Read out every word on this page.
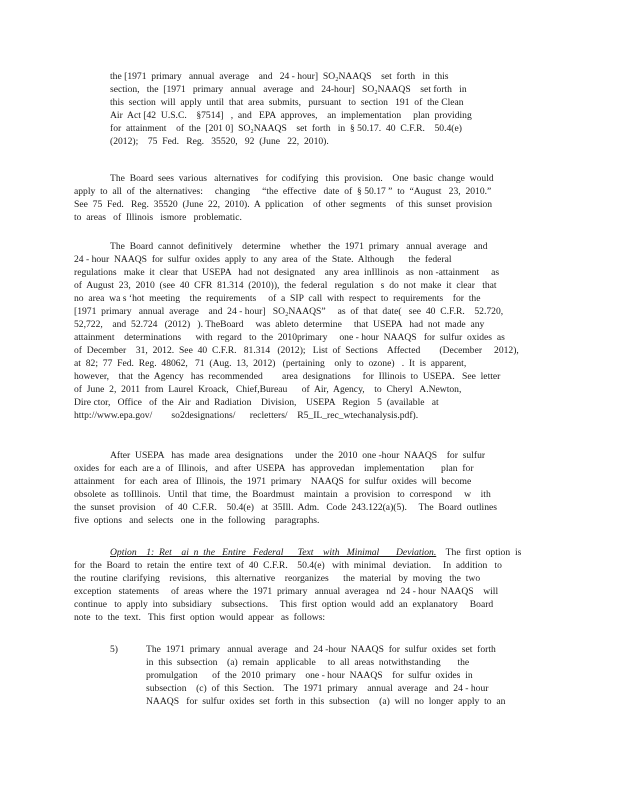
the [1971  primary   annual  average    and   24 - hour]  SO₂NAAQS    set  forth   in  this
section,   the  [1971   primary   annual   average   and   24-hour]   SO₂NAAQS    set forth   in
this  section  will  apply  until  that  area  submits,   pursuant   to  section   191  of  the Clean
Air  Act [42  U.S.C.    §7514]   ,  and   EPA  approves,    an  implementation     plan  providing
for  attainment    of  the  [201 0]  SO₂NAAQS    set  forth   in  § 50.17.  40  C.F.R.    50.4(e)
(2012);    75  Fed.   Reg.   35520,   92  (June   22,  2010).
The  Board  sees  various   alternatives   for  codifying   this  provision.    One  basic  change  would
apply  to  all  of  the  alternatives:     changing     “the  effective   date  of  § 50.17 ”  to  “August   23,  2010.”
See  75  Fed.   Reg.  35520  (June  22,  2010).  A  pplication    of  other  segments    of  this  sunset  provision
to  areas   of  Illinois   ismore   problematic.
The  Board  cannot  definitively    determine    whether   the  1971  primary   annual  average   and
24 - hour  NAAQS  for  sulfur  oxides  apply  to  any  area  of  the  State.  Although      the  federal
regulations   make  it  clear  that  USEPA   had  not  designated    any  area  inIllinois   as  non -attainment     as
of  August  23,  2010  (see  40  CFR  81.314  (2010)),  the  federal   regulation   s  do  not  make  it  clear   that
no  area  wa s ‘hot  meeting    the  requirements     of  a  SIP  call  with  respect  to  requirements    for  the
[1971  primary   annual  average    and  24 - hour]   SO₂NAAQS”     as  of  that  date(   see  40  C.F.R.    52.720,
52,722,    and  52.724   (2012)   ). TheBoard     was  ableto  determine     that  USEPA   had  not  made  any
attainment    determinations      with  regard   to  the  2010primary     one - hour  NAAQS   for  sulfur  oxides  as
of  December    31,  2012.  See  40  C.F.R.   81.314   (2012);   List  of  Sections    Affected        (December     2012),
at  82;  77  Fed.  Reg.  48062,   71  (Aug.  13,  2012)   (pertaining    only  to  ozone)   .  It  is  apparent,
however,    that  the  Agency   has  recommended        area  designations     for  Illinois  to  USEPA.   See  letter
of  June  2,  2011  from  Laurel  Kroack,   Chief,Bureau      of  Air,  Agency,    to  Cheryl   A.Newton,
Dire ctor,   Office   of  the  Air  and  Radiation    Division,    USEPA   Region   5  (available   at
http://www.epa.gov/        so2designations/      recletters/    R5_IL_rec_wtechanalysis.pdf).
After  USEPA   has  made  area  designations     under  the  2010  one -hour  NAAQS    for  sulfur
oxides  for  each  are a  of  Illinois,   and  after  USEPA   has  approvedan    implementation       plan  for
attainment    for  each  area  of  Illinois,  the  1971  primary    NAAQS  for  sulfur  oxides  will  become
obsolete  as  toIllinois.   Until  that  time,  the  Boardmust    maintain   a  provision   to  correspond     w    ith
the  sunset  provision    of  40  C.F.R.    50.4(e)   at  35Ill.  Adm.   Code  243.122(a)(5).     The  Board  outlines
five  options   and  selects   one  in  the  following    paragraphs.
Option    1:  Ret    ai  n  the   Entire   Federal      Text    with   Minimal       Deviation. The  first  option  is
for  the  Board  to  retain  the  entire  text  of  40  C.F.R.    50.4(e)   with  minimal   deviation.     In  addition   to
the  routine  clarifying    revisions,    this  alternative    reorganizes      the  material   by  moving   the  two
exception   statements     of  areas  where  the  1971  primary   annual  averagea   nd  24 - hour  NAAQS    will
continue   to  apply  into  subsidiary    subsections.     This  first  option  would  add  an  explanatory     Board
note  to  the  text.   This  first  option  would  appear   as  follows:
5)	The  1971  primary   annual  average   and  24 -hour  NAAQS  for  sulfur  oxides  set  forth
in  this  subsection    (a)  remain   applicable     to  all  areas  notwithstanding       the
promulgation      of  the  2010  primary    one - hour  NAAQS    for  sulfur  oxides  in
subsection    (c)  of  this  Section.    The  1971  primary    annual  average   and  24 - hour
NAAQS   for  sulfur  oxides  set  forth  in  this  subsection    (a)  will  no  longer  apply  to  an
